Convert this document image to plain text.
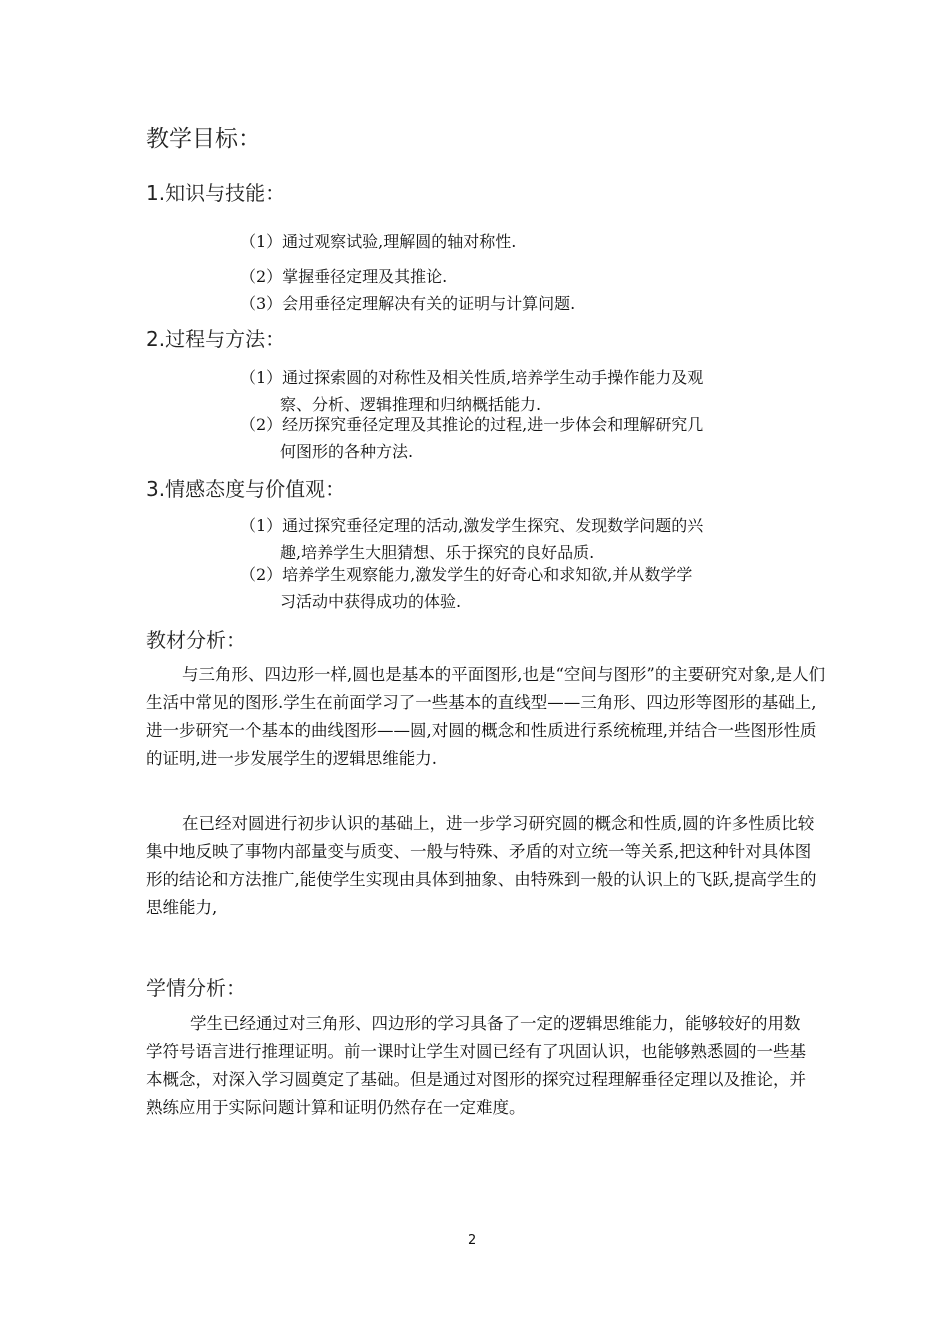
教学目标：
1.知识与技能：
（1）通过观察试验,理解圆的轴对称性.
（2）掌握垂径定理及其推论.
（3）会用垂径定理解决有关的证明与计算问题.
2.过程与方法：
（1）通过探索圆的对称性及相关性质,培养学生动手操作能力及观
察、分析、逻辑推理和归纳概括能力.
（2）经历探究垂径定理及其推论的过程,进一步体会和理解研究几
何图形的各种方法.
3.情感态度与价值观：
（1）通过探究垂径定理的活动,激发学生探究、发现数学问题的兴
趣,培养学生大胆猜想、乐于探究的良好品质.
（2）培养学生观察能力,激发学生的好奇心和求知欲,并从数学学
习活动中获得成功的体验.
教材分析：
与三角形、四边形一样,圆也是基本的平面图形,也是“空间与图形”的主要研究对象,是人们生活中常见的图形.学生在前面学习了一些基本的直线型——三角形、四边形等图形的基础上,进一步研究一个基本的曲线图形——圆,对圆的概念和性质进行系统梳理,并结合一些图形性质的证明,进一步发展学生的逻辑思维能力.
在已经对圆进行初步认识的基础上，进一步学习研究圆的概念和性质,圆的许多性质比较集中地反映了事物内部量变与质变、一般与特殊、矛盾的对立统一等关系,把这种针对具体图形的结论和方法推广,能使学生实现由具体到抽象、由特殊到一般的认识上的飞跃,提高学生的思维能力,
学情分析：
学生已经通过对三角形、四边形的学习具备了一定的逻辑思维能力，能够较好的用数学符号语言进行推理证明。前一课时让学生对圆已经有了巩固认识，也能够熟悉圆的一些基本概念，对深入学习圆奠定了基础。但是通过对图形的探究过程理解垂径定理以及推论，并熟练应用于实际问题计算和证明仍然存在一定难度。
2
